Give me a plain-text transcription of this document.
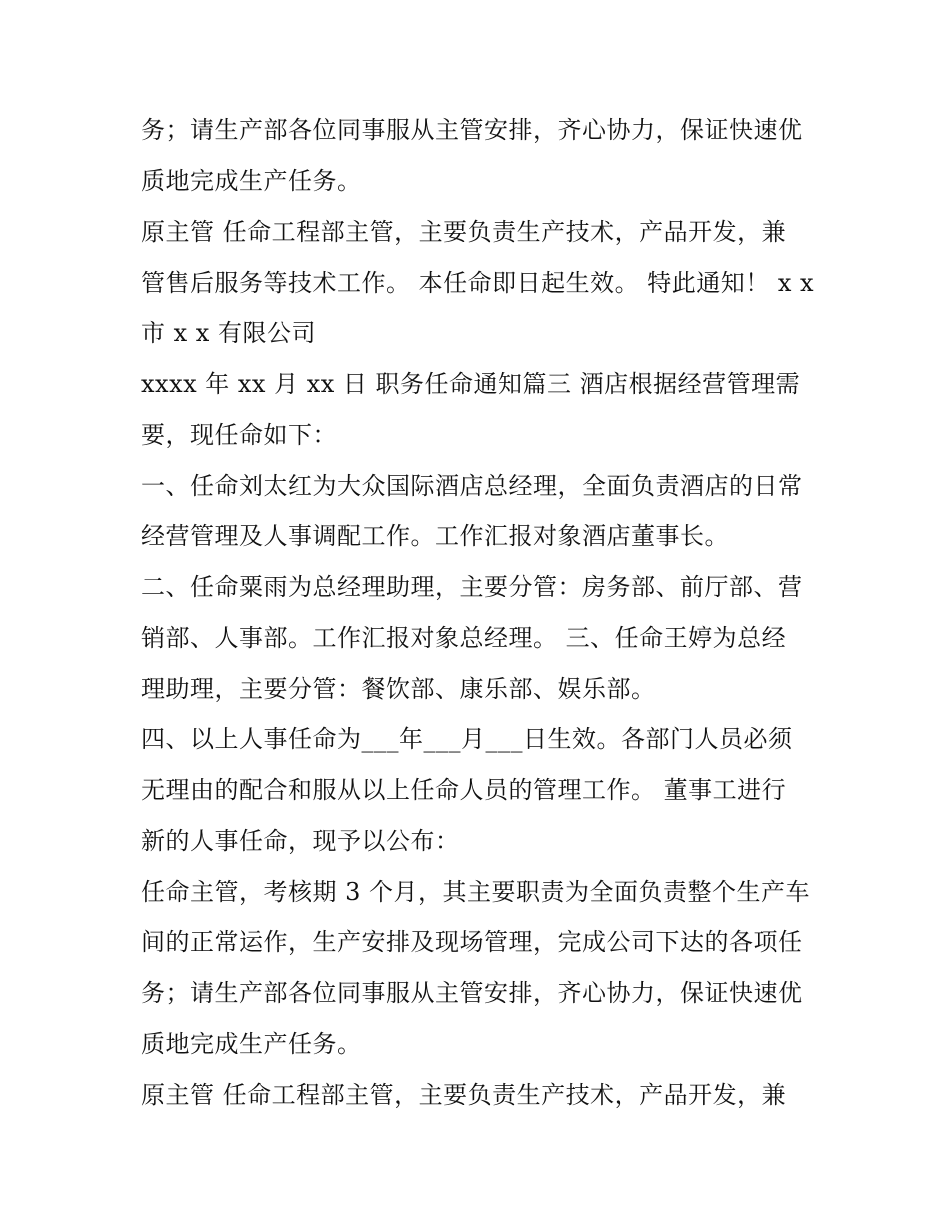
务；请生产部各位同事服从主管安排，齐心协力，保证快速优
质地完成生产任务。
原主管 任命工程部主管，主要负责生产技术，产品开发，兼
管售后服务等技术工作。 本任命即日起生效。 特此通知！ x x
市 x x 有限公司
xxxx 年 xx 月 xx 日 职务任命通知篇三 酒店根据经营管理需
要，现任命如下：
一、任命刘太红为大众国际酒店总经理，全面负责酒店的日常
经营管理及人事调配工作。工作汇报对象酒店董事长。
二、任命粟雨为总经理助理，主要分管：房务部、前厅部、营
销部、人事部。工作汇报对象总经理。 三、任命王婷为总经
理助理，主要分管：餐饮部、康乐部、娱乐部。
四、以上人事任命为___年___月___日生效。各部门人员必须
无理由的配合和服从以上任命人员的管理工作。 董事工进行
新的人事任命，现予以公布：
任命主管，考核期 3 个月，其主要职责为全面负责整个生产车
间的正常运作，生产安排及现场管理，完成公司下达的各项任
务；请生产部各位同事服从主管安排，齐心协力，保证快速优
质地完成生产任务。
原主管 任命工程部主管，主要负责生产技术，产品开发，兼
